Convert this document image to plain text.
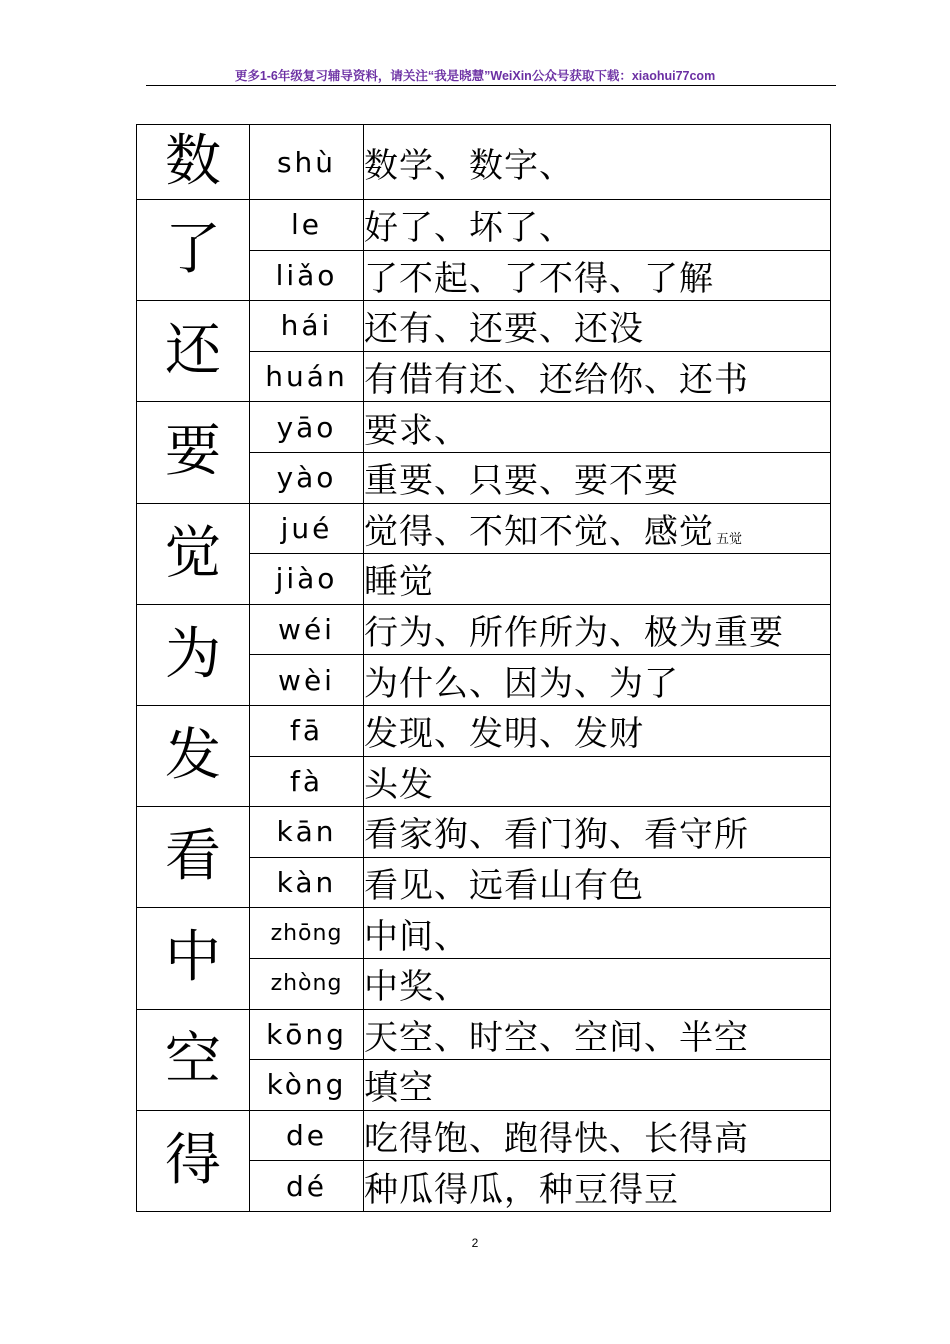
更多1-6年级复习辅导资料，请关注“我是晓慧”WeiXin公众号获取下载：xiaohui77com
数	shù	数学、数字、
了	le	好了、坏了、
	liǎo	了不起、了不得、了解
还	hái	还有、还要、还没
	huán	有借有还、还给你、还书
要	yāo	要求、
	yào	重要、只要、要不要
觉	jué	觉得、不知不觉、感觉 五觉
	jiào	睡觉
为	wéi	行为、所作所为、极为重要
	wèi	为什么、因为、为了
发	fā	发现、发明、发财
	fà	头发
看	kān	看家狗、看门狗、看守所
	kàn	看见、远看山有色
中	zhōng	中间、
	zhòng	中奖、
空	kōng	天空、时空、空间、半空
	kòng	填空
得	de	吃得饱、跑得快、长得高
	dé	种瓜得瓜，种豆得豆
2
